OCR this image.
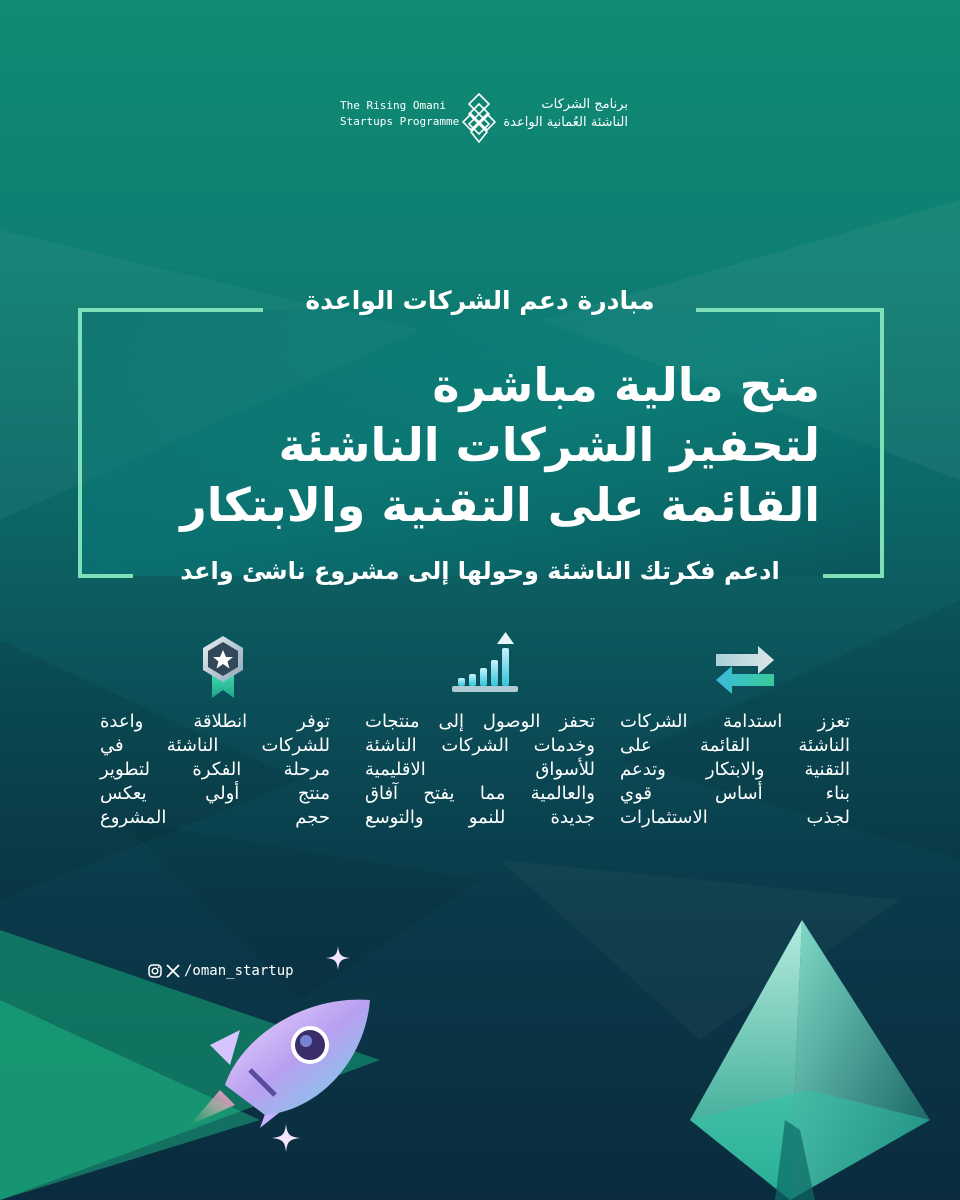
The Rising Omani
Startups Programme
برنامج الشركات
الناشئة العُمانية الواعدة
مبادرة دعم الشركات الواعدة
منح مالية مباشرة
لتحفيز الشركات الناشئة
القائمة على التقنية والابتكار
ادعم فكرتك الناشئة وحولها إلى مشروع ناشئ واعد
تعزز استدامة الشركات
الناشئة القائمة على
التقنية والابتكار وتدعم
بناء أساس قوي
لجذب الاستثمارات
تحفز الوصول إلى منتجات
وخدمات الشركات الناشئة
للأسواق الاقليمية
والعالمية مما يفتح آفاق
جديدة للنمو والتوسع
توفر انطلاقة واعدة
للشركات الناشئة في
مرحلة الفكرة لتطوير
منتج أولي يعكس
حجم المشروع
/oman_startup
